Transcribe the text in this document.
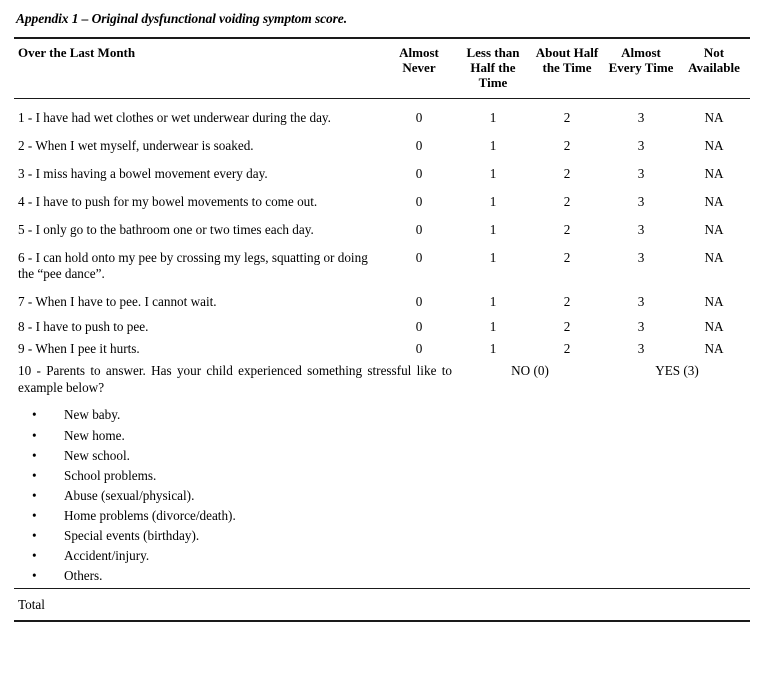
Appendix 1 – Original dysfunctional voiding symptom score.
Over the Last Month	Almost Never	Less than Half the Time	About Half the Time	Almost Every Time	Not Available
1 - I have had wet clothes or wet underwear during the day.	0	1	2	3	NA
2 - When I wet myself, underwear is soaked.	0	1	2	3	NA
3 - I miss having a bowel movement every day.	0	1	2	3	NA
4 - I have to push for my bowel movements to come out.	0	1	2	3	NA
5 - I only go to the bathroom one or two times each day.	0	1	2	3	NA
6 - I can hold onto my pee by crossing my legs, squatting or doing the “pee dance”.	0	1	2	3	NA
7 - When I have to pee. I cannot wait.	0	1	2	3	NA
8 - I have to push to pee.	0	1	2	3	NA
9 - When I pee it hurts.	0	1	2	3	NA
10 - Parents to answer. Has your child experienced something stressful like to example below?		NO (0)		YES (3)	

• New baby.
• New home.
• New school.
• School problems.
• Abuse (sexual/physical).
• Home problems (divorce/death).
• Special events (birthday).
• Accident/injury.
• Others.

Total					
